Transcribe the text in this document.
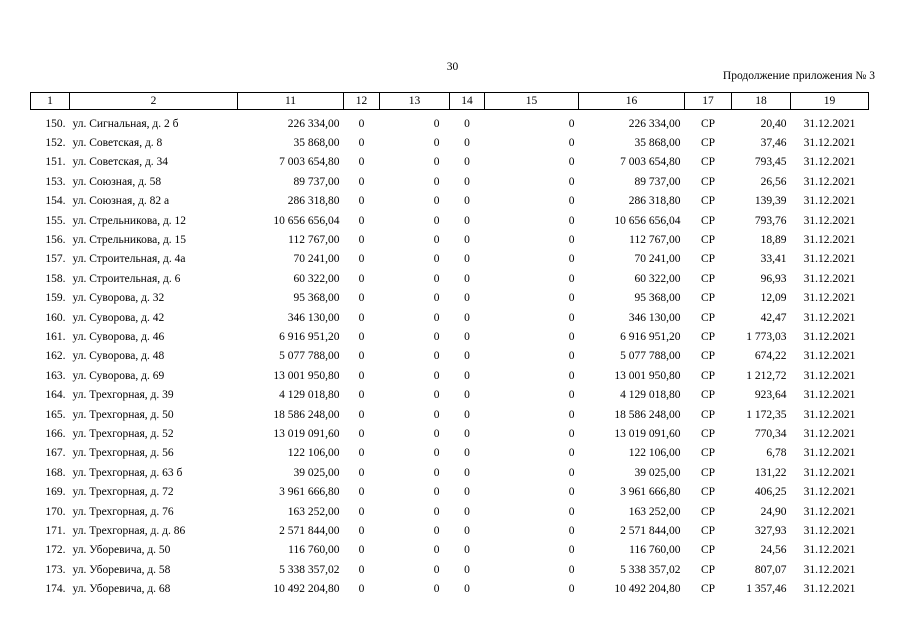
30
Продолжение приложения № 3
1	2	11	12	13	14	15	16	17	18	19
150.	ул. Сигнальная, д. 2 б	226 334,00	0	0	0	0	226 334,00	СР	20,40	31.12.2021
152.	ул. Советская, д. 8	35 868,00	0	0	0	0	35 868,00	СР	37,46	31.12.2021
151.	ул. Советская, д. 34	7 003 654,80	0	0	0	0	7 003 654,80	СР	793,45	31.12.2021
153.	ул. Союзная, д. 58	89 737,00	0	0	0	0	89 737,00	СР	26,56	31.12.2021
154.	ул. Союзная, д. 82 а	286 318,80	0	0	0	0	286 318,80	СР	139,39	31.12.2021
155.	ул. Стрельникова, д. 12	10 656 656,04	0	0	0	0	10 656 656,04	СР	793,76	31.12.2021
156.	ул. Стрельникова, д. 15	112 767,00	0	0	0	0	112 767,00	СР	18,89	31.12.2021
157.	ул. Строительная, д. 4а	70 241,00	0	0	0	0	70 241,00	СР	33,41	31.12.2021
158.	ул. Строительная, д. 6	60 322,00	0	0	0	0	60 322,00	СР	96,93	31.12.2021
159.	ул. Суворова, д. 32	95 368,00	0	0	0	0	95 368,00	СР	12,09	31.12.2021
160.	ул. Суворова, д. 42	346 130,00	0	0	0	0	346 130,00	СР	42,47	31.12.2021
161.	ул. Суворова, д. 46	6 916 951,20	0	0	0	0	6 916 951,20	СР	1 773,03	31.12.2021
162.	ул. Суворова, д. 48	5 077 788,00	0	0	0	0	5 077 788,00	СР	674,22	31.12.2021
163.	ул. Суворова, д. 69	13 001 950,80	0	0	0	0	13 001 950,80	СР	1 212,72	31.12.2021
164.	ул. Трехгорная, д. 39	4 129 018,80	0	0	0	0	4 129 018,80	СР	923,64	31.12.2021
165.	ул. Трехгорная, д. 50	18 586 248,00	0	0	0	0	18 586 248,00	СР	1 172,35	31.12.2021
166.	ул. Трехгорная, д. 52	13 019 091,60	0	0	0	0	13 019 091,60	СР	770,34	31.12.2021
167.	ул. Трехгорная, д. 56	122 106,00	0	0	0	0	122 106,00	СР	6,78	31.12.2021
168.	ул. Трехгорная, д. 63 б	39 025,00	0	0	0	0	39 025,00	СР	131,22	31.12.2021
169.	ул. Трехгорная, д. 72	3 961 666,80	0	0	0	0	3 961 666,80	СР	406,25	31.12.2021
170.	ул. Трехгорная, д. 76	163 252,00	0	0	0	0	163 252,00	СР	24,90	31.12.2021
171.	ул. Трехгорная, д. д. 86	2 571 844,00	0	0	0	0	2 571 844,00	СР	327,93	31.12.2021
172.	ул. Уборевича, д. 50	116 760,00	0	0	0	0	116 760,00	СР	24,56	31.12.2021
173.	ул. Уборевича, д. 58	5 338 357,02	0	0	0	0	5 338 357,02	СР	807,07	31.12.2021
174.	ул. Уборевича, д. 68	10 492 204,80	0	0	0	0	10 492 204,80	СР	1 357,46	31.12.2021
